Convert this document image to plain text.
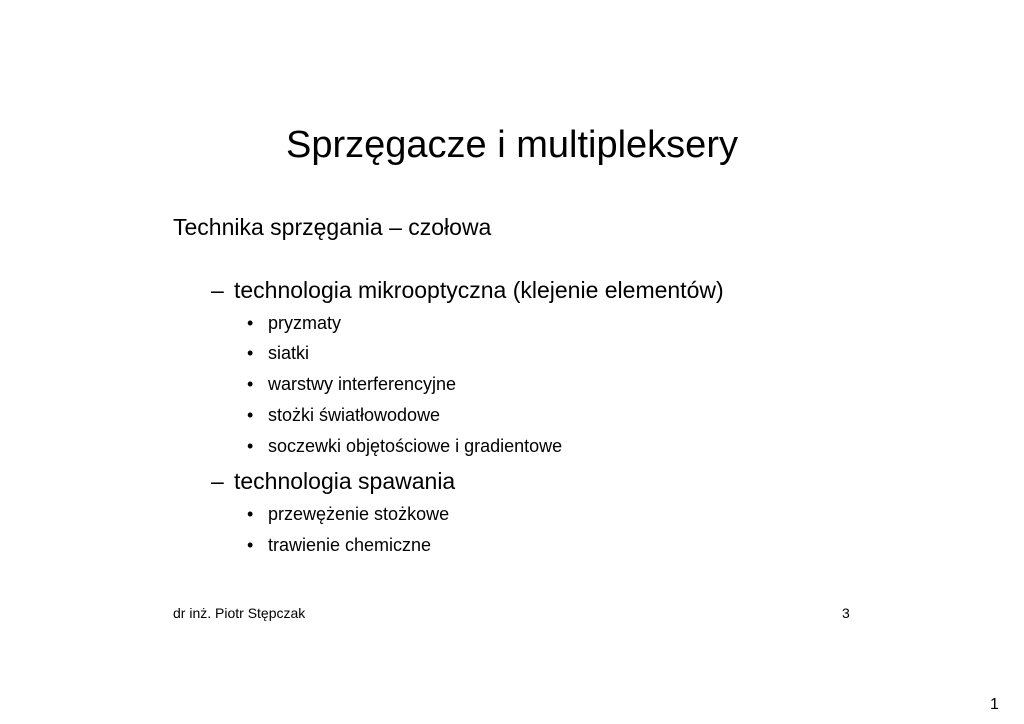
Sprzęgacze i multipleksery
Technika sprzęgania – czołowa
– technologia mikrooptyczna (klejenie elementów)
• pryzmaty
• siatki
• warstwy interferencyjne
• stożki światłowodowe
• soczewki objętościowe i gradientowe
– technologia spawania
• przewężenie stożkowe
• trawienie chemiczne
dr inż. Piotr Stępczak	3
1
